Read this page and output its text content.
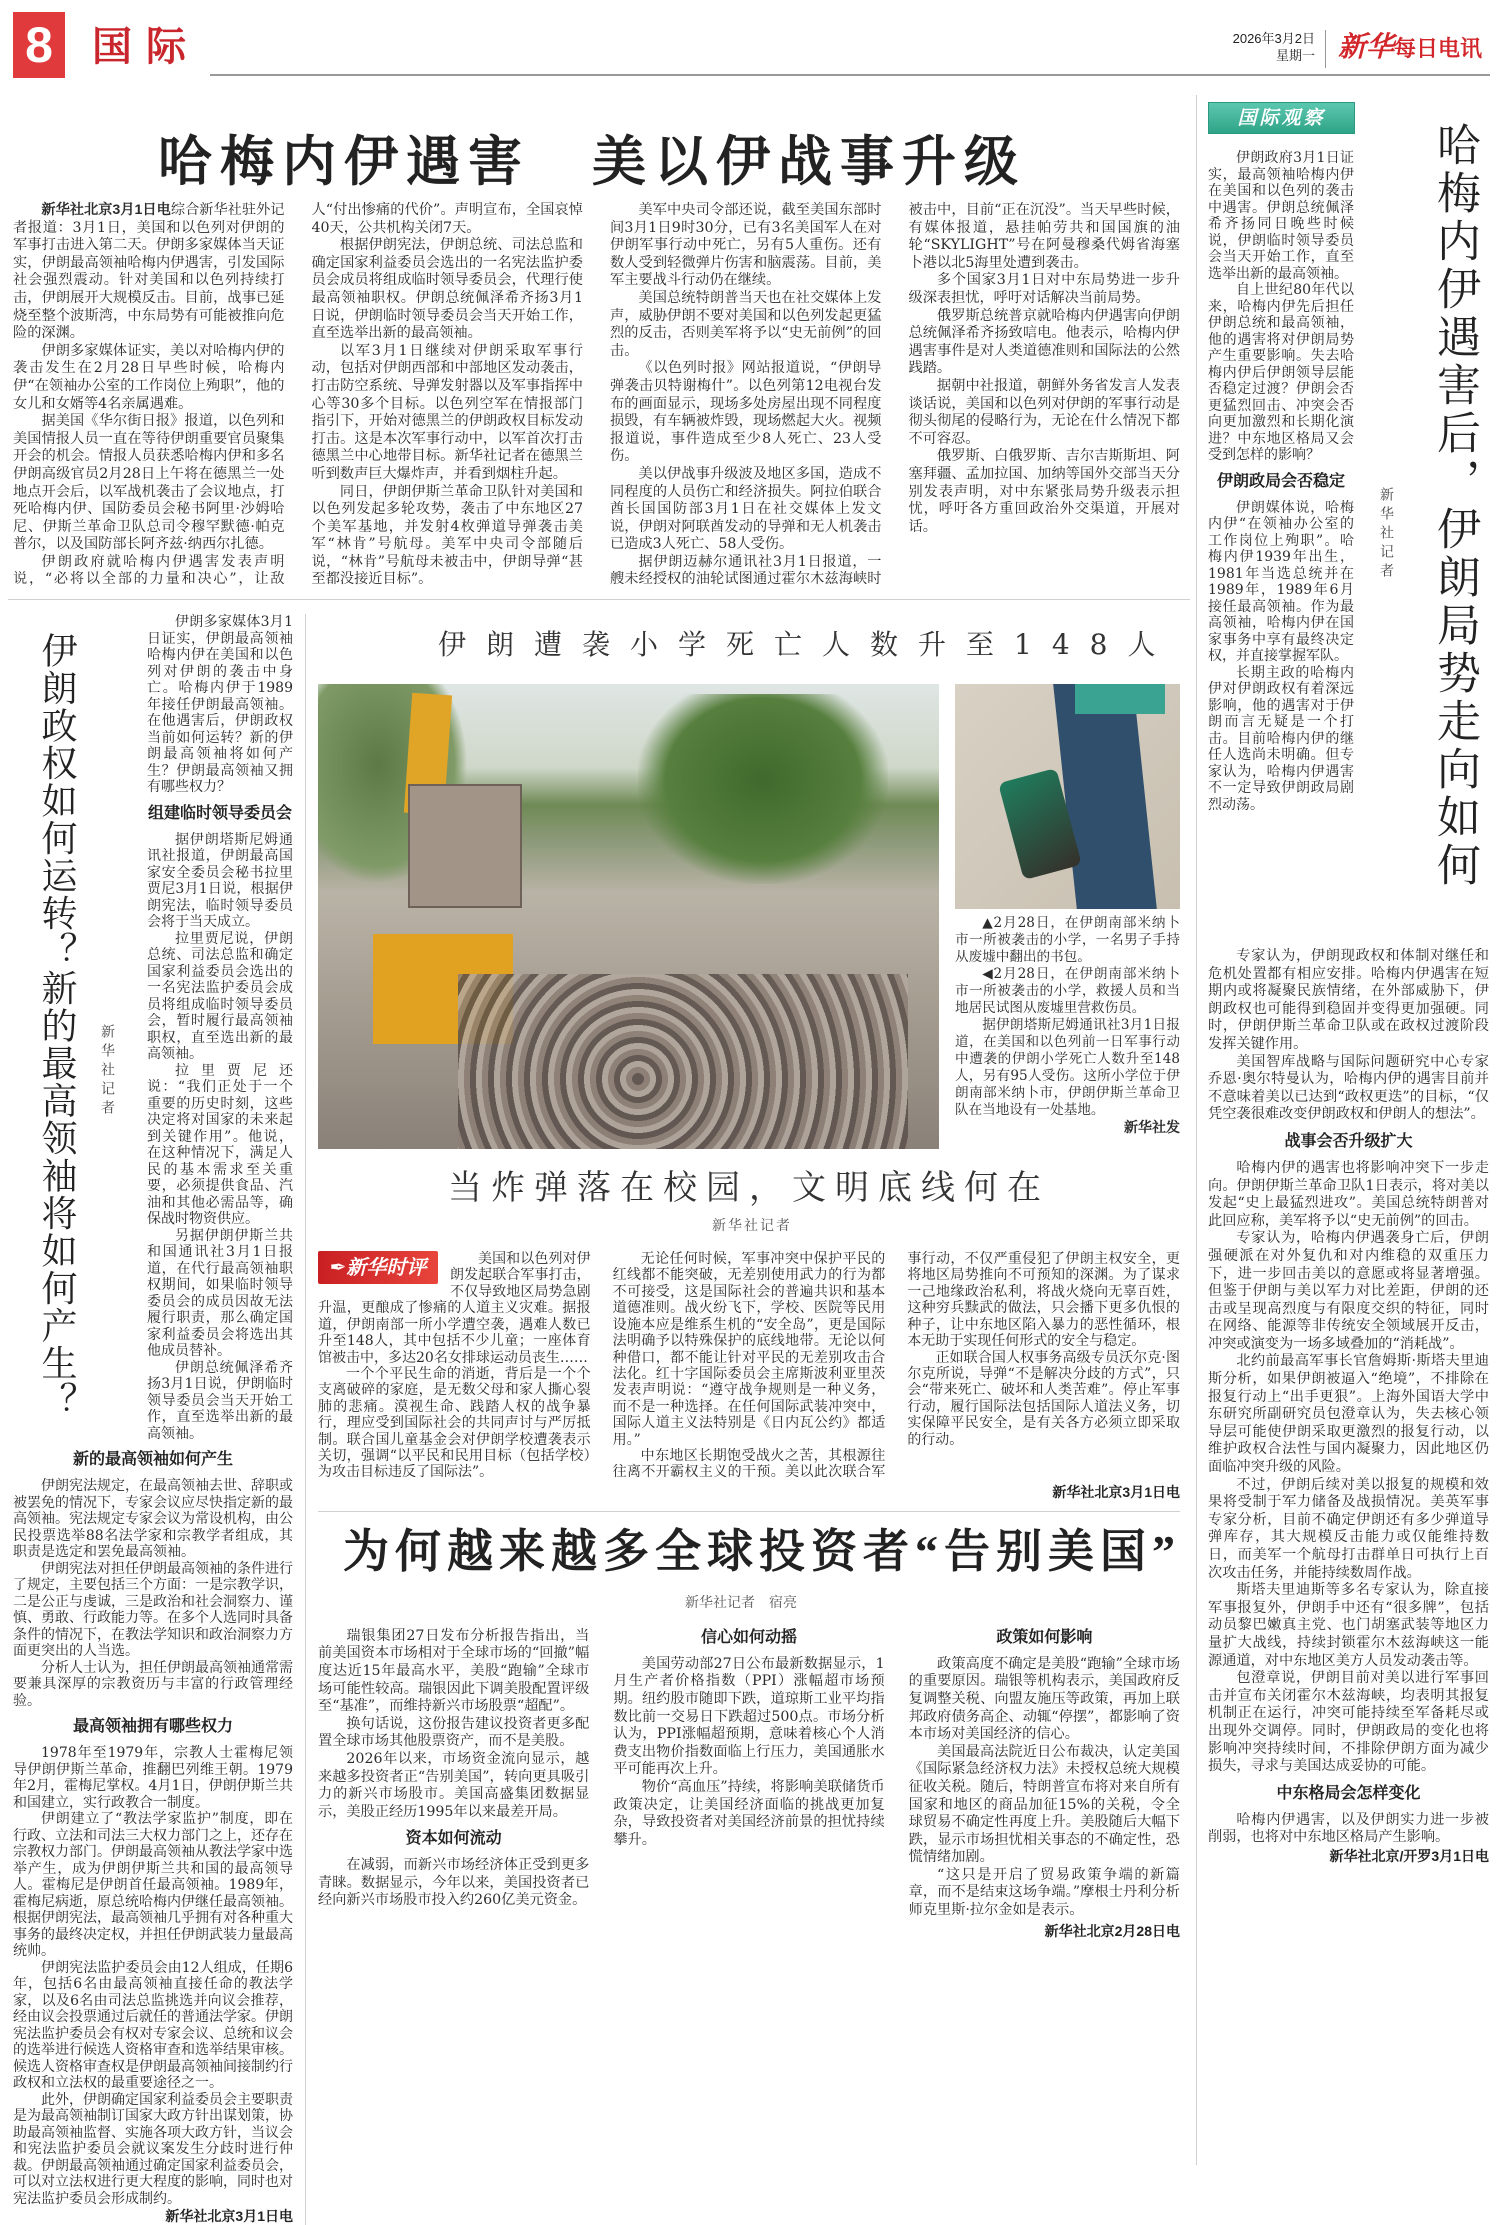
8 国际	2026年3月2日
星期一 新华每日电讯
哈梅内伊遇害　美以伊战事升级

新华社北京3月1日电综合新华社驻外记者报道：3月1日，美国和以色列对伊朗的军事打击进入第二天。伊朗多家媒体当天证实，伊朗最高领袖哈梅内伊遇害，引发国际社会强烈震动。针对美国和以色列持续打击，伊朗展开大规模反击。目前，战事已延烧至整个波斯湾，中东局势有可能被推向危险的深渊。

伊朗多家媒体证实，美以对哈梅内伊的袭击发生在2月28日早些时候，哈梅内伊“在领袖办公室的工作岗位上殉职”，他的女儿和女婿等4名亲属遇难。

据美国《华尔街日报》报道，以色列和美国情报人员一直在等待伊朗重要官员聚集开会的机会。情报人员获悉哈梅内伊和多名伊朗高级官员2月28日上午将在德黑兰一处地点开会后，以军战机袭击了会议地点，打死哈梅内伊、国防委员会秘书阿里·沙姆哈尼、伊斯兰革命卫队总司令穆罕默德·帕克普尔，以及国防部长阿齐兹·纳西尔扎德。

伊朗政府就哈梅内伊遇害发表声明说，“必将以全部的力量和决心”，让敌人“付出惨痛的代价”。声明宣布，全国哀悼40天，公共机构关闭7天。

根据伊朗宪法，伊朗总统、司法总监和确定国家利益委员会选出的一名宪法监护委员会成员将组成临时领导委员会，代理行使最高领袖职权。伊朗总统佩泽希齐扬3月1日说，伊朗临时领导委员会当天开始工作，直至选举出新的最高领袖。

以军3月1日继续对伊朗采取军事行动，包括对伊朗西部和中部地区发动袭击，打击防空系统、导弹发射器以及军事指挥中心等30多个目标。以色列空军在情报部门指引下，开始对德黑兰的伊朗政权目标发动打击。这是本次军事行动中，以军首次打击德黑兰中心地带目标。新华社记者在德黑兰听到数声巨大爆炸声，并看到烟柱升起。

同日，伊朗伊斯兰革命卫队针对美国和以色列发起多轮攻势，袭击了中东地区27个美军基地，并发射4枚弹道导弹袭击美军“林肯”号航母。美军中央司令部随后说，“林肯”号航母未被击中，伊朗导弹“甚至都没接近目标”。

美军中央司令部还说，截至美国东部时间3月1日9时30分，已有3名美国军人在对伊朗军事行动中死亡，另有5人重伤。还有数人受到轻微弹片伤害和脑震荡。目前，美军主要战斗行动仍在继续。

美国总统特朗普当天也在社交媒体上发声，威胁伊朗不要对美国和以色列发起更猛烈的反击，否则美军将予以“史无前例”的回击。

《以色列时报》网站报道说，“伊朗导弹袭击贝特谢梅什”。以色列第12电视台发布的画面显示，现场多处房屋出现不同程度损毁，有车辆被炸毁，现场燃起大火。视频报道说，事件造成至少8人死亡、23人受伤。

美以伊战事升级波及地区多国，造成不同程度的人员伤亡和经济损失。阿拉伯联合酋长国国防部3月1日在社交媒体上发文说，伊朗对阿联酋发动的导弹和无人机袭击已造成3人死亡、58人受伤。

据伊朗迈赫尔通讯社3月1日报道，一艘未经授权的油轮试图通过霍尔木兹海峡时被击中，目前“正在沉没”。当天早些时候，有媒体报道，悬挂帕劳共和国国旗的油轮“SKYLIGHT”号在阿曼穆桑代姆省海塞卜港以北5海里处遭到袭击。

多个国家3月1日对中东局势进一步升级深表担忧，呼吁对话解决当前局势。

俄罗斯总统普京就哈梅内伊遇害向伊朗总统佩泽希齐扬致唁电。他表示，哈梅内伊遇害事件是对人类道德准则和国际法的公然践踏。

据朝中社报道，朝鲜外务省发言人发表谈话说，美国和以色列对伊朗的军事行动是彻头彻尾的侵略行为，无论在什么情况下都不可容忍。

俄罗斯、白俄罗斯、吉尔吉斯斯坦、阿塞拜疆、孟加拉国、加纳等国外交部当天分别发表声明，对中东紧张局势升级表示担忧，呼吁各方重回政治外交渠道，开展对话。

伊朗政权如何运转？新的最高领袖将如何产生？ 新华社记者

伊朗多家媒体3月1日证实，伊朗最高领袖哈梅内伊在美国和以色列对伊朗的袭击中身亡。哈梅内伊于1989年接任伊朗最高领袖。在他遇害后，伊朗政权当前如何运转？新的伊朗最高领袖将如何产生？伊朗最高领袖又拥有哪些权力？

组建临时领导委员会

据伊朗塔斯尼姆通讯社报道，伊朗最高国家安全委员会秘书拉里贾尼3月1日说，根据伊朗宪法，临时领导委员会将于当天成立。

拉里贾尼说，伊朗总统、司法总监和确定国家利益委员会选出的一名宪法监护委员会成员将组成临时领导委员会，暂时履行最高领袖职权，直至选出新的最高领袖。

拉里贾尼还说：“我们正处于一个重要的历史时刻，这些决定将对国家的未来起到关键作用”。他说，在这种情况下，满足人民的基本需求至关重要，必须提供食品、汽油和其他必需品等，确保战时物资供应。

另据伊朗伊斯兰共和国通讯社3月1日报道，在代行最高领袖职权期间，如果临时领导委员会的成员因故无法履行职责，那么确定国家利益委员会将选出其他成员替补。

伊朗总统佩泽希齐扬3月1日说，伊朗临时领导委员会当天开始工作，直至选举出新的最高领袖。

新的最高领袖如何产生

伊朗宪法规定，在最高领袖去世、辞职或被罢免的情况下，专家会议应尽快指定新的最高领袖。宪法规定专家会议为常设机构，由公民投票选举88名法学家和宗教学者组成，其职责是选定和罢免最高领袖。

伊朗宪法对担任伊朗最高领袖的条件进行了规定，主要包括三个方面：一是宗教学识，二是公正与虔诚，三是政治和社会洞察力、谨慎、勇敢、行政能力等。在多个人选同时具备条件的情况下，在教法学知识和政治洞察力方面更突出的人当选。

分析人士认为，担任伊朗最高领袖通常需要兼具深厚的宗教资历与丰富的行政管理经验。

最高领袖拥有哪些权力

1978年至1979年，宗教人士霍梅尼领导伊朗伊斯兰革命，推翻巴列维王朝。1979年2月，霍梅尼掌权。4月1日，伊朗伊斯兰共和国建立，实行政教合一制度。

伊朗建立了“教法学家监护”制度，即在行政、立法和司法三大权力部门之上，还存在宗教权力部门。伊朗最高领袖从教法学家中选举产生，成为伊朗伊斯兰共和国的最高领导人。霍梅尼是伊朗首任最高领袖。1989年，霍梅尼病逝，原总统哈梅内伊继任最高领袖。根据伊朗宪法，最高领袖几乎拥有对各种重大事务的最终决定权，并担任伊朗武装力量最高统帅。

伊朗宪法监护委员会由12人组成，任期6年，包括6名由最高领袖直接任命的教法学家，以及6名由司法总监挑选并向议会推荐，经由议会投票通过后就任的普通法学家。伊朗宪法监护委员会有权对专家会议、总统和议会的选举进行候选人资格审查和选举结果审核。候选人资格审查权是伊朗最高领袖间接制约行政权和立法权的最重要途径之一。

此外，伊朗确定国家利益委员会主要职责是为最高领袖制订国家大政方针出谋划策，协助最高领袖监督、实施各项大政方针，当议会和宪法监护委员会就议案发生分歧时进行仲裁。伊朗最高领袖通过确定国家利益委员会，可以对立法权进行更大程度的影响，同时也对宪法监护委员会形成制约。

新华社北京3月1日电
伊朗遭袭小学死亡人数升至148人

▲2月28日，在伊朗南部米纳卜市一所被袭击的小学，一名男子手持从废墟中翻出的书包。

◀2月28日，在伊朗南部米纳卜市一所被袭击的小学，救援人员和当地居民试图从废墟里营救伤员。

据伊朗塔斯尼姆通讯社3月1日报道，在美国和以色列前一日军事行动中遭袭的伊朗小学死亡人数升至148人，另有95人受伤。这所小学位于伊朗南部米纳卜市，伊朗伊斯兰革命卫队在当地设有一处基地。

新华社发
当炸弹落在校园，文明底线何在
新华社记者
✒新华时评	美国和以色列对伊朗发起联合军事打击，不仅导致地区局势急剧升温，更酿成了惨痛的人道主义灾难。据报道，伊朗南部一所小学遭空袭，遇难人数已升至148人，其中包括不少儿童；一座体育馆被击中，多达20名女排球运动员丧生……

一个个平民生命的消逝，背后是一个个支离破碎的家庭，是无数父母和家人撕心裂肺的悲痛。漠视生命、践踏人权的战争暴行，理应受到国际社会的共同声讨与严厉抵制。联合国儿童基金会对伊朗学校遭袭表示关切，强调“以平民和民用目标（包括学校）为攻击目标违反了国际法”。

无论任何时候，军事冲突中保护平民的红线都不能突破，无差别使用武力的行为都不可接受，这是国际社会的普遍共识和基本道德准则。战火纷飞下，学校、医院等民用设施本应是维系生机的“安全岛”，更是国际法明确予以特殊保护的底线地带。无论以何种借口，都不能让针对平民的无差别攻击合法化。红十字国际委员会主席斯波利亚里茨发表声明说：“遵守战争规则是一种义务，而不是一种选择。在任何国际武装冲突中，国际人道主义法特别是《日内瓦公约》都适用。”

中东地区长期饱受战火之苦，其根源往往离不开霸权主义的干预。美以此次联合军事行动，不仅严重侵犯了伊朗主权安全，更将地区局势推向不可预知的深渊。为了谋求一己地缘政治私利，将战火烧向无辜百姓，这种穷兵黩武的做法，只会播下更多仇恨的种子，让中东地区陷入暴力的恶性循环，根本无助于实现任何形式的安全与稳定。

正如联合国人权事务高级专员沃尔克·图尔克所说，导弹“不是解决分歧的方式”，只会“带来死亡、破坏和人类苦难”。停止军事行动，履行国际法包括国际人道法义务，切实保障平民安全，是有关各方必须立即采取的行动。

新华社北京3月1日电
为何越来越多全球投资者“告别美国”
新华社记者　宿亮

瑞银集团27日发布分析报告指出，当前美国资本市场相对于全球市场的“回撤”幅度达近15年最高水平，美股“跑输”全球市场可能性较高。瑞银因此下调美股配置评级至“基准”，而维持新兴市场股票“超配”。

换句话说，这份报告建议投资者更多配置全球市场其他股票资产，而不是美股。

2026年以来，市场资金流向显示，越来越多投资者正“告别美国”，转向更具吸引力的新兴市场股市。美国高盛集团数据显示，美股正经历1995年以来最差开局。

资本如何流动

在减弱，而新兴市场经济体正受到更多青睐。数据显示，今年以来，美国投资者已经向新兴市场股市投入约260亿美元资金。

信心如何动摇

美国劳动部27日公布最新数据显示，1月生产者价格指数（PPI）涨幅超市场预期。纽约股市随即下跌，道琼斯工业平均指数比前一交易日下跌超过500点。市场分析认为，PPI涨幅超预期，意味着核心个人消费支出物价指数面临上行压力，美国通胀水平可能再次上升。

物价“高血压”持续，将影响美联储货币政策决定，让美国经济面临的挑战更加复杂，导致投资者对美国经济前景的担忧持续攀升。

政策如何影响

政策高度不确定是美股“跑输”全球市场的重要原因。瑞银等机构表示，美国政府反复调整关税、向盟友施压等政策，再加上联邦政府债务高企、动辄“停摆”，都影响了资本市场对美国经济的信心。

美国最高法院近日公布裁决，认定美国《国际紧急经济权力法》未授权总统大规模征收关税。随后，特朗普宣布将对来自所有国家和地区的商品加征15%的关税，令全球贸易不确定性再度上升。美股随后大幅下跌，显示市场担忧相关事态的不确定性，恐慌情绪加剧。

“这只是开启了贸易政策争端的新篇章，而不是结束这场争端。”摩根士丹利分析师克里斯·拉尔金如是表示。

新华社北京2月28日电
哈梅内伊遇害后，伊朗局势走向如何
新华社记者
国际观察

伊朗政府3月1日证实，最高领袖哈梅内伊在美国和以色列的袭击中遇害。伊朗总统佩泽希齐扬同日晚些时候说，伊朗临时领导委员会当天开始工作，直至选举出新的最高领袖。

自上世纪80年代以来，哈梅内伊先后担任伊朗总统和最高领袖，他的遇害将对伊朗局势产生重要影响。失去哈梅内伊后伊朗领导层能否稳定过渡？伊朗会否更猛烈回击、冲突会否向更加激烈和长期化演进？中东地区格局又会受到怎样的影响？

伊朗政局会否稳定

伊朗媒体说，哈梅内伊“在领袖办公室的工作岗位上殉职”。哈梅内伊1939年出生，1981年当选总统并在1989年，1989年6月接任最高领袖。作为最高领袖，哈梅内伊在国家事务中享有最终决定权，并直接掌握军队。

长期主政的哈梅内伊对伊朗政权有着深远影响，他的遇害对于伊朗而言无疑是一个打击。目前哈梅内伊的继任人选尚未明确。但专家认为，哈梅内伊遇害不一定导致伊朗政局剧烈动荡。

专家认为，伊朗现政权和体制对继任和危机处置都有相应安排。哈梅内伊遇害在短期内或将凝聚民族情绪，在外部威胁下，伊朗政权也可能得到稳固并变得更加强硬。同时，伊朗伊斯兰革命卫队或在政权过渡阶段发挥关键作用。

美国智库战略与国际问题研究中心专家乔恩·奥尔特曼认为，哈梅内伊的遇害目前并不意味着美以已达到“政权更迭”的目标，“仅凭空袭很难改变伊朗政权和伊朗人的想法”。

战事会否升级扩大

哈梅内伊的遇害也将影响冲突下一步走向。伊朗伊斯兰革命卫队1日表示，将对美以发起“史上最猛烈进攻”。美国总统特朗普对此回应称，美军将予以“史无前例”的回击。

专家认为，哈梅内伊遇袭身亡后，伊朗强硬派在对外复仇和对内维稳的双重压力下，进一步回击美以的意愿或将显著增强。但鉴于伊朗与美以军力对比差距，伊朗的还击或呈现高烈度与有限度交织的特征，同时在网络、能源等非传统安全领域展开反击，冲突或演变为一场多域叠加的“消耗战”。

北约前最高军事长官詹姆斯·斯塔夫里迪斯分析，如果伊朗被逼入“绝境”，不排除在报复行动上“出手更狠”。上海外国语大学中东研究所副研究员包澄章认为，失去核心领导层可能使伊朗采取更激烈的报复行动，以维护政权合法性与国内凝聚力，因此地区仍面临冲突升级的风险。

不过，伊朗后续对美以报复的规模和效果将受制于军力储备及战损情况。美英军事专家分析，目前不确定伊朗还有多少弹道导弹库存，其大规模反击能力或仅能维持数日，而美军一个航母打击群单日可执行上百次攻击任务，并能持续数周作战。

斯塔夫里迪斯等多名专家认为，除直接军事报复外，伊朗手中还有“很多牌”，包括动员黎巴嫩真主党、也门胡塞武装等地区力量扩大战线，持续封锁霍尔木兹海峡这一能源通道，对中东地区美方人员发动袭击等。

包澄章说，伊朗目前对美以进行军事回击并宣布关闭霍尔木兹海峡，均表明其报复机制正在运行，冲突可能持续至军备耗尽或出现外交调停。同时，伊朗政局的变化也将影响冲突持续时间，不排除伊朗方面为减少损失，寻求与美国达成妥协的可能。

中东格局会怎样变化

哈梅内伊遇害，以及伊朗实力进一步被削弱，也将对中东地区格局产生影响。

新华社北京/开罗3月1日电
